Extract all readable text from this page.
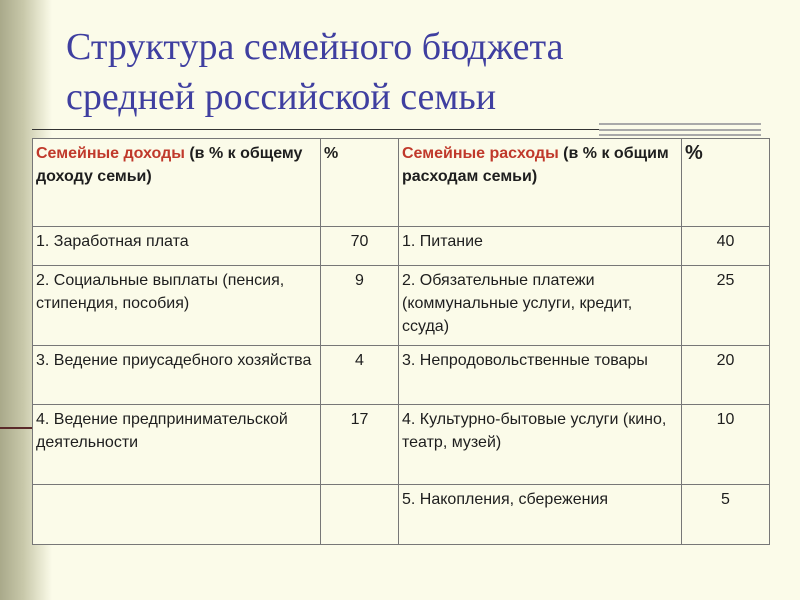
Структура семейного бюджета
средней российской семьи
Семейные доходы (в % к общему доходу семьи)	%	Семейные расходы (в % к общим расходам семьи)	%
1. Заработная плата	70	1. Питание	40
2. Социальные выплаты (пенсия, стипендия, пособия)	9	2. Обязательные платежи (коммунальные услуги, кредит, ссуда)	25
3. Ведение приусадебного хозяйства	4	3. Непродовольственные товары	20
4. Ведение предпринимательской деятельности	17	4. Культурно-бытовые услуги (кино, театр, музей)	10
		5. Накопления, сбережения	5
